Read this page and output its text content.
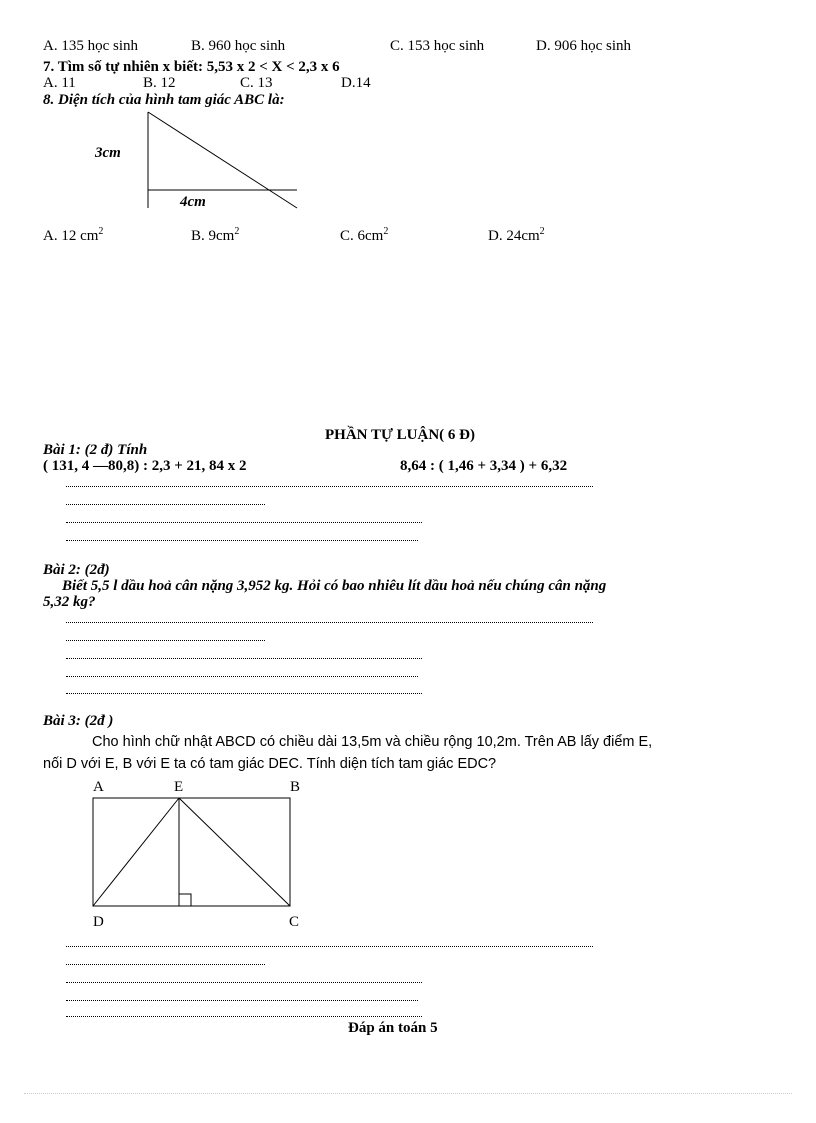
A. 135 học sinh	B. 960 học sinh	C. 153 học sinh	D. 906 học sinh
7. Tìm số tự nhiên x biết: 5,53 x 2 < X < 2,3 x 6
A. 11	B. 12	C. 13	D.14
8. Diện tích của hình tam giác ABC là:
3cm
4cm
A. 12 $cm^2$	B. $9cm^2$	C. $6cm^2$	D. $24cm^2$
PHẦN TỰ LUẬN( 6 Đ)
Bài 1: (2 đ) Tính
( 131, 4 —80,8) : 2,3 + 21, 84 x 2	8,64 : ( 1,46 + 3,34 ) + 6,32
Bài 2: (2đ)
Biết 5,5 l dầu hoả cân nặng 3,952 kg. Hỏi có bao nhiêu lít dầu hoả nếu chúng cân nặng
5,32 kg?
Bài 3: (2đ )
Cho hình chữ nhật ABCD có chiều dài 13,5m và chiều rộng 10,2m. Trên AB lấy điểm E,
nối D với E, B với E ta có tam giác DEC. Tính diện tích tam giác EDC?
A	E	B
D	C
Đáp án toán 5
